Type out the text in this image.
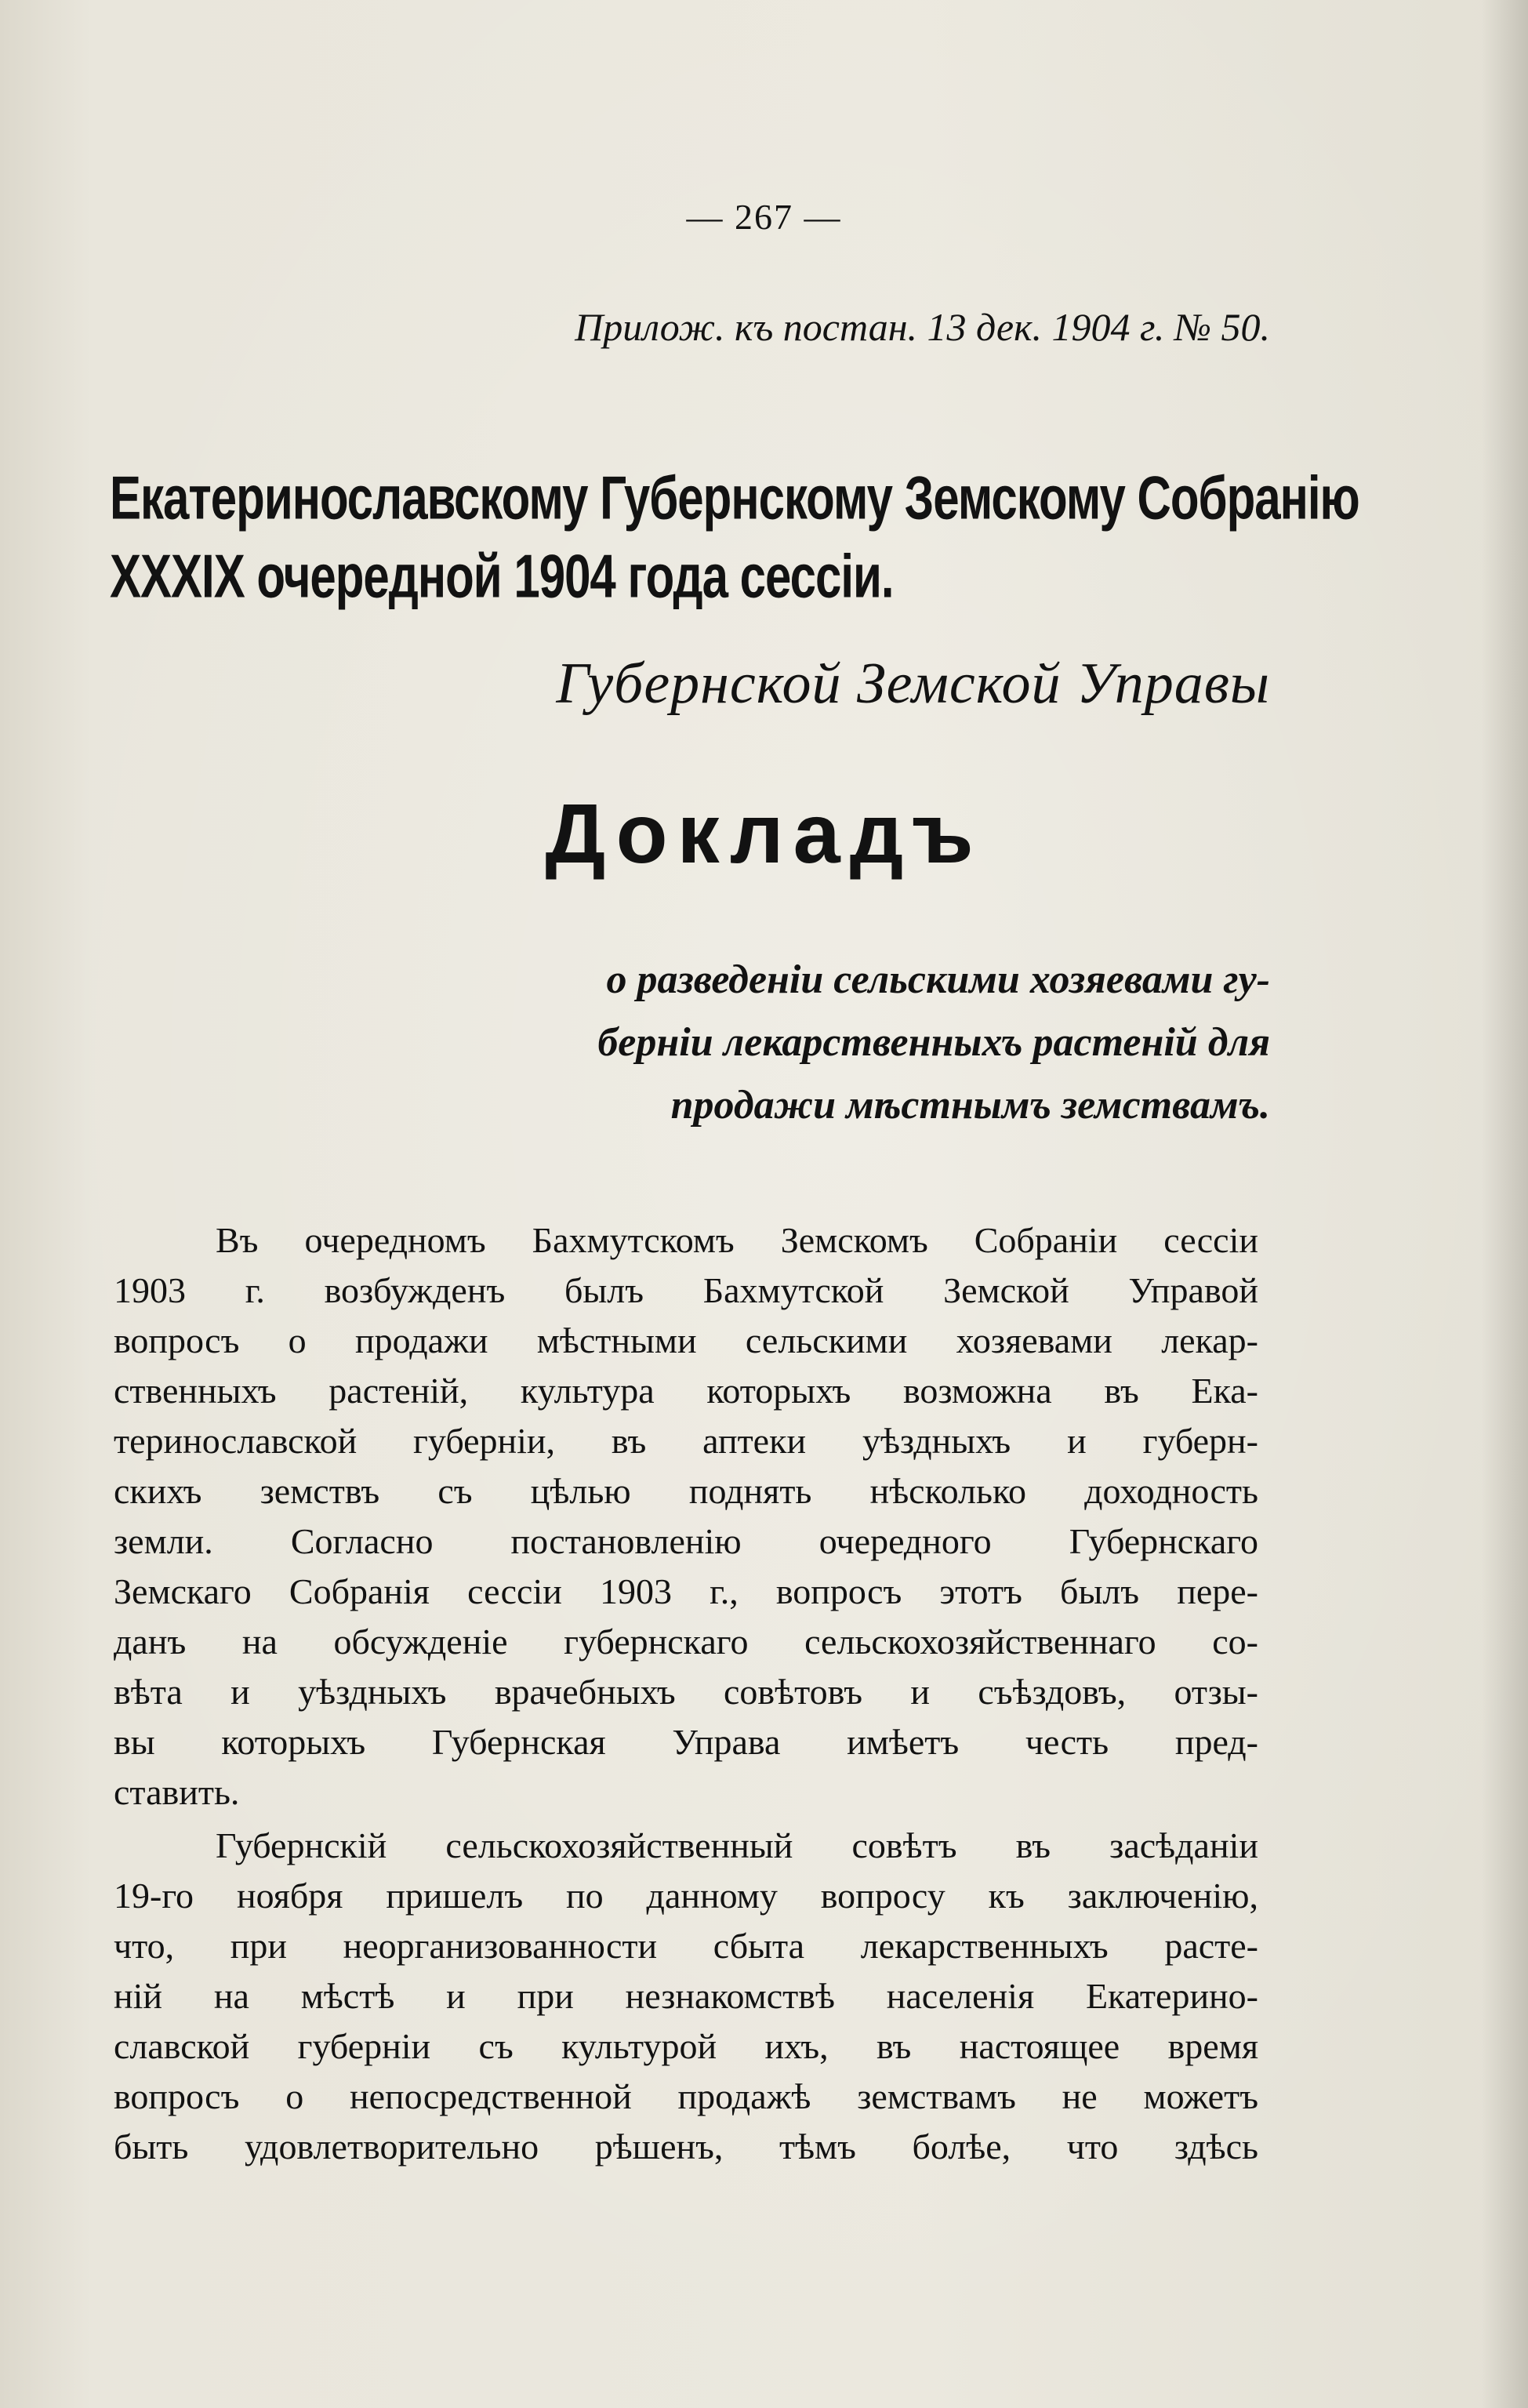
— 267 —
Прилож. къ постан. 13 дек. 1904 г. № 50.
Екатеринославскому Губернскому Земскому Собранію
XXXIX очередной 1904 года сессіи.
Губернской Земской Управы
Докладъ
о разведеніи сельскими хозяевами гу-
берніи лекарственныхъ растеній для
продажи мѣстнымъ земствамъ.
Въ очередномъ Бахмутскомъ Земскомъ Собраніи сессіи
1903 г. возбужденъ былъ Бахмутской Земской Управой
вопросъ о продажи мѣстными сельскими хозяевами лекар-
ственныхъ растеній, культура которыхъ возможна въ Ека-
теринославской губерніи, въ аптеки уѣздныхъ и губерн-
скихъ земствъ съ цѣлью поднять нѣсколько доходность
земли. Согласно постановленію очередного Губернскаго
Земскаго Собранія сессіи 1903 г., вопросъ этотъ былъ пере-
данъ на обсужденіе губернскаго сельскохозяйственнаго со-
вѣта и уѣздныхъ врачебныхъ совѣтовъ и съѣздовъ, отзы-
вы которыхъ Губернская Управа имѣетъ честь пред-
ставить.
Губернскій сельскохозяйственный совѣтъ въ засѣданіи
19-го ноября пришелъ по данному вопросу къ заключенію,
что, при неорганизованности сбыта лекарственныхъ расте-
ній на мѣстѣ и при незнакомствѣ населенія Екатерино-
славской губерніи съ культурой ихъ, въ настоящее время
вопросъ о непосредственной продажѣ земствамъ не можетъ
быть удовлетворительно рѣшенъ, тѣмъ болѣе, что здѣсь
